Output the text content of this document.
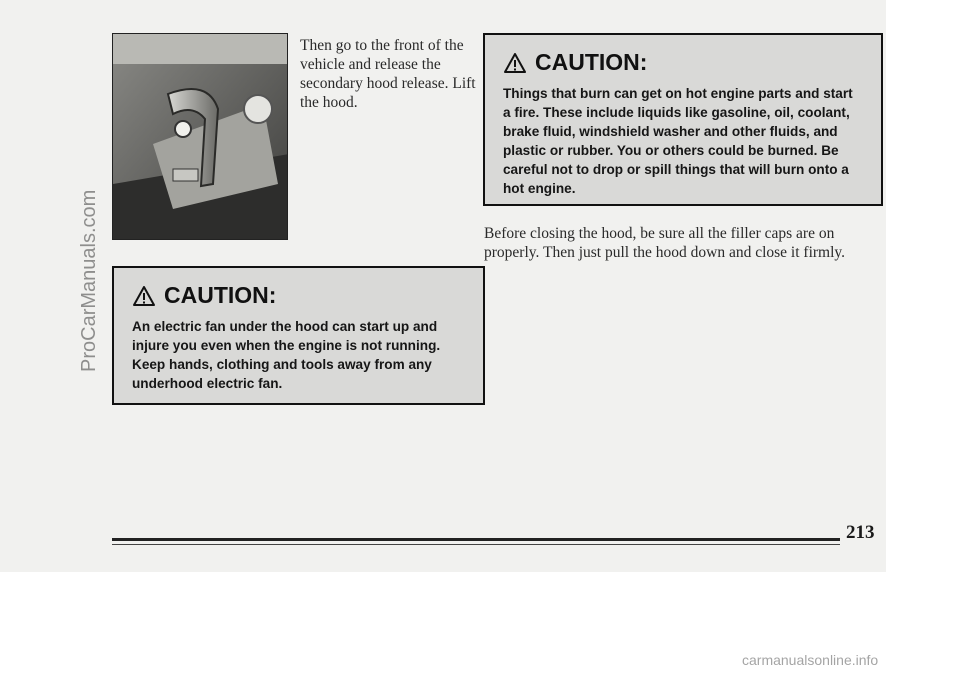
Then go to the front of the vehicle and release the secondary hood release. Lift the hood.

CAUTION:

Things that burn can get on hot engine parts and start a fire. These include liquids like gasoline, oil, coolant, brake fluid, windshield washer and other fluids, and plastic or rubber. You or others could be burned. Be careful not to drop or spill things that will burn onto a hot engine.

Before closing the hood, be sure all the filler caps are on properly. Then just pull the hood down and close it firmly.

CAUTION:

An electric fan under the hood can start up and injure you even when the engine is not running. Keep hands, clothing and tools away from any underhood electric fan.

213
ProCarManuals.com
carmanualsonline.info
